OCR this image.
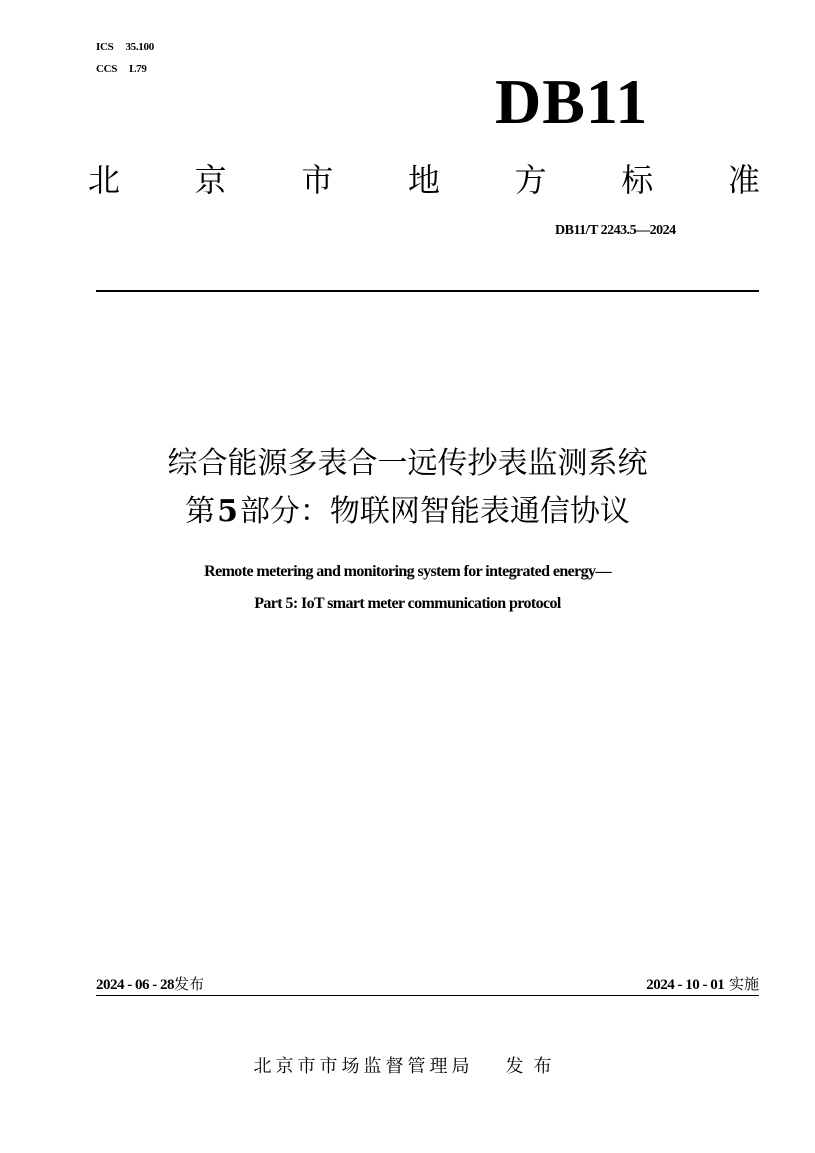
ICS 35.100
CCS L79	DB11
北 京 市 地 方 标 准
DB11/T 2243.5—2024
综合能源多表合一远传抄表监测系统
第5部分：物联网智能表通信协议
Remote metering and monitoring system for integrated energy—
Part 5: IoT smart meter communication protocol
2024 - 06 - 28发布	2024 - 10 - 01 实施
北京市市场监督管理局 发布
